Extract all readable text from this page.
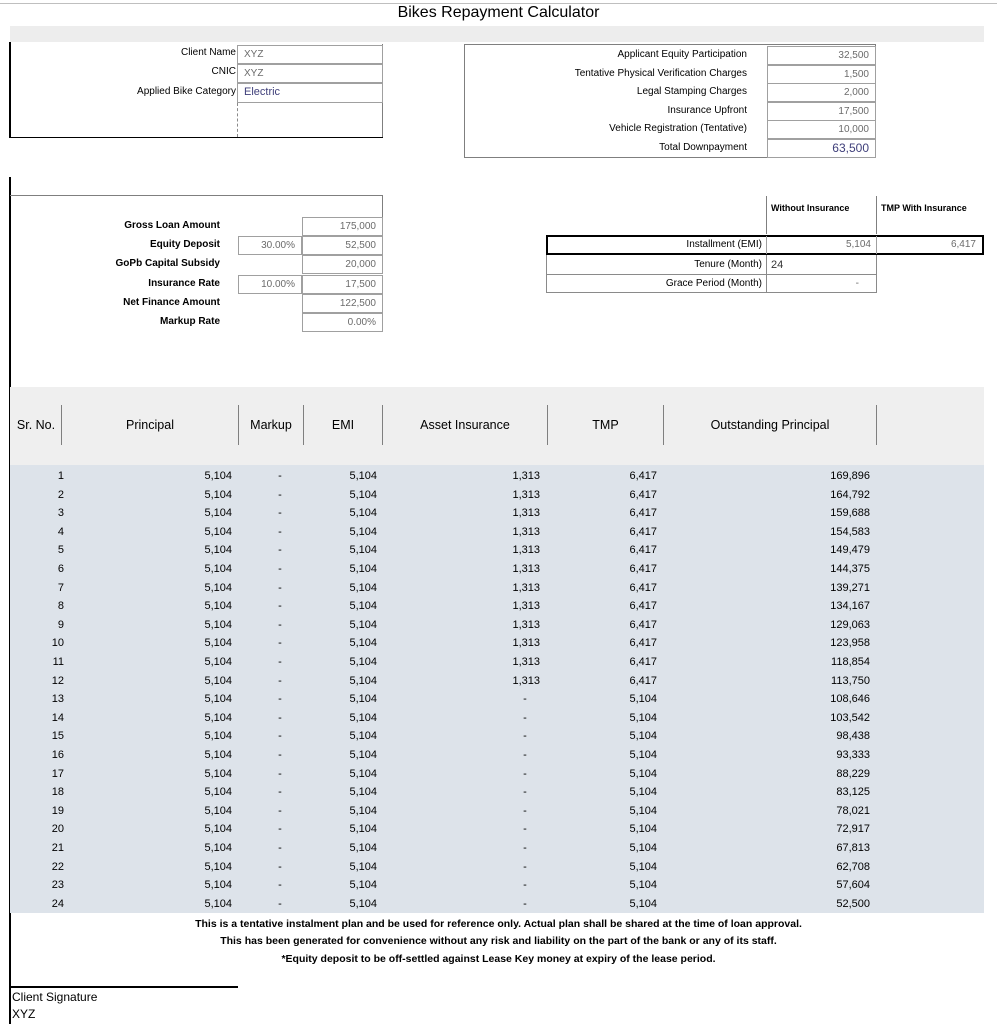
Bikes Repayment Calculator
Client Name XYZ
CNIC XYZ
Applied Bike Category Electric
Applicant Equity Participation	32,500
Tentative Physical Verification Charges	1,500
Legal Stamping Charges	2,000
Insurance Upfront	17,500
Vehicle Registration (Tentative)	10,000
Total Downpayment	63,500
Gross Loan Amount	175,000
Equity Deposit	30.00%	52,500
GoPb Capital Subsidy	20,000
Insurance Rate	10.00%	17,500
Net Finance Amount	122,500
Markup Rate	0.00%
Without Insurance	TMP With Insurance
Installment (EMI)	5,104	6,417
Tenure (Month) 24
Grace Period (Month)	-
Sr. No.	Principal	Markup	EMI	Asset Insurance	TMP	Outstanding Principal
1	5,104	-	5,104	1,313	6,417	169,896
2	5,104	-	5,104	1,313	6,417	164,792
3	5,104	-	5,104	1,313	6,417	159,688
4	5,104	-	5,104	1,313	6,417	154,583
5	5,104	-	5,104	1,313	6,417	149,479
6	5,104	-	5,104	1,313	6,417	144,375
7	5,104	-	5,104	1,313	6,417	139,271
8	5,104	-	5,104	1,313	6,417	134,167
9	5,104	-	5,104	1,313	6,417	129,063
10	5,104	-	5,104	1,313	6,417	123,958
11	5,104	-	5,104	1,313	6,417	118,854
12	5,104	-	5,104	1,313	6,417	113,750
13	5,104	-	5,104	-	5,104	108,646
14	5,104	-	5,104	-	5,104	103,542
15	5,104	-	5,104	-	5,104	98,438
16	5,104	-	5,104	-	5,104	93,333
17	5,104	-	5,104	-	5,104	88,229
18	5,104	-	5,104	-	5,104	83,125
19	5,104	-	5,104	-	5,104	78,021
20	5,104	-	5,104	-	5,104	72,917
21	5,104	-	5,104	-	5,104	67,813
22	5,104	-	5,104	-	5,104	62,708
23	5,104	-	5,104	-	5,104	57,604
24	5,104	-	5,104	-	5,104	52,500
This is a tentative instalment plan and be used for reference only. Actual plan shall be shared at the time of loan approval.
This has been generated for convenience without any risk and liability on the part of the bank or any of its staff.
*Equity deposit to be off-settled against Lease Key money at expiry of the lease period.
Client Signature
XYZ
